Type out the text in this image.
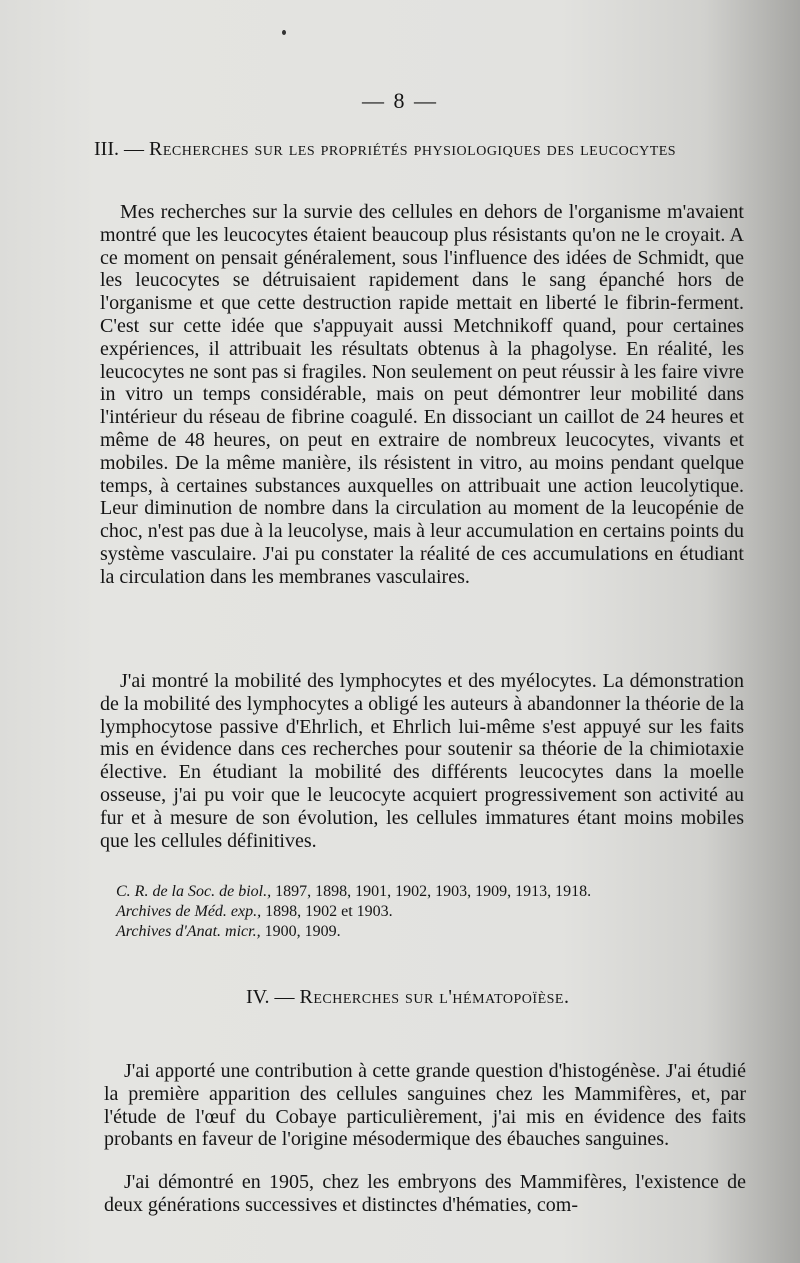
— 8 —
III. — Recherches sur les propriétés physiologiques des leucocytes

Mes recherches sur la survie des cellules en dehors de l'organisme m'avaient montré que les leucocytes étaient beaucoup plus résistants qu'on ne le croyait. A ce moment on pensait généralement, sous l'influence des idées de Schmidt, que les leucocytes se détruisaient rapidement dans le sang épanché hors de l'organisme et que cette destruction rapide mettait en liberté le fibrin-ferment. C'est sur cette idée que s'appuyait aussi Metchnikoff quand, pour certaines expériences, il attribuait les résultats obtenus à la phagolyse. En réalité, les leucocytes ne sont pas si fragiles. Non seulement on peut réussir à les faire vivre in vitro un temps considérable, mais on peut démontrer leur mobilité dans l'intérieur du réseau de fibrine coagulé. En dissociant un caillot de 24 heures et même de 48 heures, on peut en extraire de nombreux leucocytes, vivants et mobiles. De la même manière, ils résistent in vitro, au moins pendant quelque temps, à certaines substances auxquelles on attribuait une action leucolytique. Leur diminution de nombre dans la circulation au moment de la leucopénie de choc, n'est pas due à la leucolyse, mais à leur accumulation en certains points du système vasculaire. J'ai pu constater la réalité de ces accumulations en étudiant la circulation dans les membranes vasculaires.

J'ai montré la mobilité des lymphocytes et des myélocytes. La démonstration de la mobilité des lymphocytes a obligé les auteurs à abandonner la théorie de la lymphocytose passive d'Ehrlich, et Ehrlich lui-même s'est appuyé sur les faits mis en évidence dans ces recherches pour soutenir sa théorie de la chimiotaxie élective. En étudiant la mobilité des différents leucocytes dans la moelle osseuse, j'ai pu voir que le leucocyte acquiert progressivement son activité au fur et à mesure de son évolution, les cellules immatures étant moins mobiles que les cellules définitives.

C. R. de la Soc. de biol., 1897, 1898, 1901, 1902, 1903, 1909, 1913, 1918.
Archives de Méd. exp., 1898, 1902 et 1903.
Archives d'Anat. micr., 1900, 1909.
IV. — Recherches sur l'hématopoïèse.

J'ai apporté une contribution à cette grande question d'histogénèse. J'ai étudié la première apparition des cellules sanguines chez les Mammifères, et, par l'étude de l'œuf du Cobaye particulièrement, j'ai mis en évidence des faits probants en faveur de l'origine mésodermique des ébauches sanguines.

J'ai démontré en 1905, chez les embryons des Mammifères, l'existence de deux générations successives et distinctes d'hématies, com-
